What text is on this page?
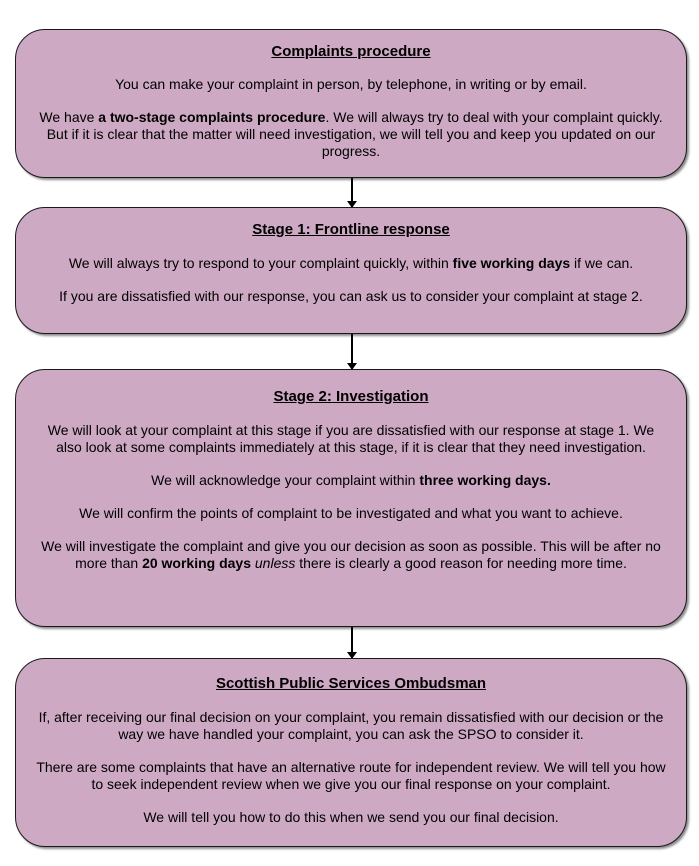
Complaints procedure

You can make your complaint in person, by telephone, in writing or by email.

We have a two-stage complaints procedure. We will always try to deal with your complaint quickly. But if it is clear that the matter will need investigation, we will tell you and keep you updated on our progress.

Stage 1: Frontline response

We will always try to respond to your complaint quickly, within five working days if we can.

If you are dissatisfied with our response, you can ask us to consider your complaint at stage 2.

Stage 2: Investigation

We will look at your complaint at this stage if you are dissatisfied with our response at stage 1. We also look at some complaints immediately at this stage, if it is clear that they need investigation.

We will acknowledge your complaint within three working days.

We will confirm the points of complaint to be investigated and what you want to achieve.

We will investigate the complaint and give you our decision as soon as possible. This will be after no more than 20 working days unless there is clearly a good reason for needing more time.

Scottish Public Services Ombudsman

If, after receiving our final decision on your complaint, you remain dissatisfied with our decision or the way we have handled your complaint, you can ask the SPSO to consider it.

There are some complaints that have an alternative route for independent review. We will tell you how to seek independent review when we give you our final response on your complaint.

We will tell you how to do this when we send you our final decision.
